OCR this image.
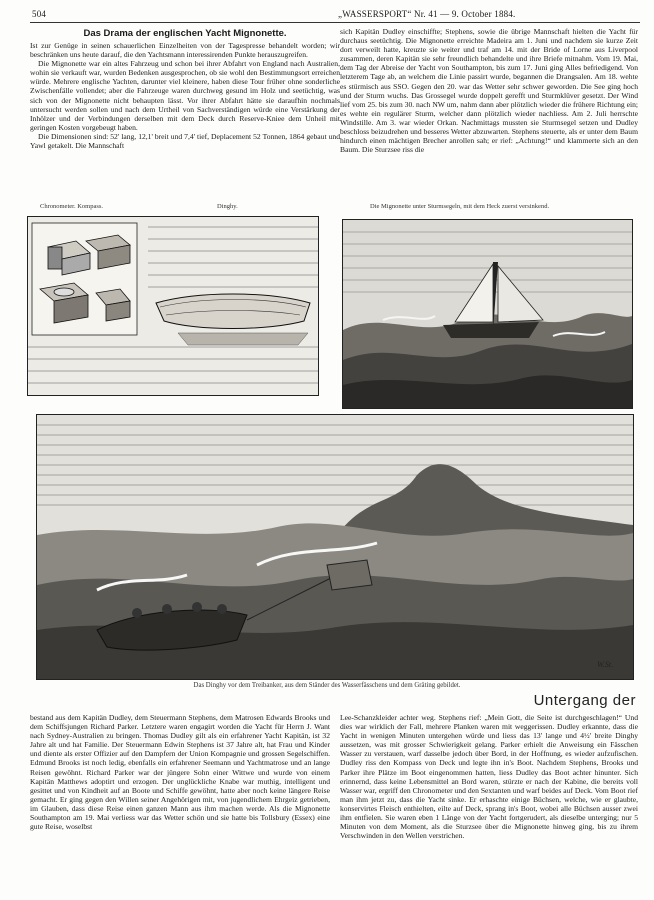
504	„WASSERSPORT“ Nr. 41 — 9. October 1884.
Das Drama der englischen Yacht Mignonette.

Ist zur Genüge in seinen schauerlichen Einzelheiten von der Tagespresse behandelt worden; wir beschränken uns heute darauf, die den Yachtsmann interessirenden Punkte herauszugreifen.

Die Mignonette war ein altes Fahrzeug und schon bei ihrer Abfahrt von England nach Australien, wohin sie verkauft war, wurden Bedenken ausgesprochen, ob sie wohl den Bestimmungsort erreichen würde. Mehrere englische Yachten, darunter viel kleinere, haben diese Tour früher ohne sonderliche Zwischenfälle vollendet; aber die Fahrzeuge waren durchweg gesund im Holz und seetüchtig, was sich von der Mignonette nicht behaupten lässt. Vor ihrer Abfahrt hätte sie daraufhin nochmals untersucht werden sollen und nach dem Urtheil von Sachverständigen würde eine Verstärkung der Inhölzer und der Verbindungen derselben mit dem Deck durch Reserve-Kniee dem Unheil mit geringen Kosten vorgebeugt haben.

Die Dimensionen sind: 52' lang, 12,1' breit und 7,4' tief, Deplacement 52 Tonnen, 1864 gebaut und Yawl getakelt. Die Mannschaft

sich Kapitän Dudley einschiffte; Stephens, sowie die übrige Mannschaft hielten die Yacht für durchaus seetüchtig. Die Mignonette erreichte Madeira am 1. Juni und nachdem sie kurze Zeit dort verweilt hatte, kreuzte sie weiter und traf am 14. mit der Bride of Lorne aus Liverpool zusammen, deren Kapitän sie sehr freundlich behandelte und ihre Briefe mitnahm. Vom 19. Mai, dem Tag der Abreise der Yacht von Southampton, bis zum 17. Juni ging Alles befriedigend. Von letzterem Tage ab, an welchem die Linie passirt wurde, begannen die Drangsalen. Am 18. wehte es stürmisch aus SSO. Gegen den 20. war das Wetter sehr schwer geworden. Die See ging hoch und der Sturm wuchs. Das Grossegel wurde doppelt gerefft und Sturmklüver gesetzt. Der Wind lief vom 25. bis zum 30. nach NW um, nahm dann aber plötzlich wieder die frühere Richtung ein; es wehte ein regulärer Sturm, welcher dann plötzlich wieder nachliess. Am 2. Juli herrschte Windstille. Am 3. war wieder Orkan. Nachmittags mussten sie Sturmsegel setzen und Dudley beschloss beizudrehen und besseres Wetter abzuwarten. Stephens steuerte, als er unter dem Baum hindurch einen mächtigen Brecher anrollen sah; er rief: „Achtung!“ und klammerte sich an den Baum. Die Sturzsee riss die

Chronometer. Kompass.	Dinghy.	Die Mignonette unter Sturmsegeln, mit dem Heck zuerst versinkend.
W.St.
Das Dinghy vor dem Treibanker, aus dem Ständer des Wasserfässchens und dem Gräting gebildet.
Untergang der

bestand aus dem Kapitän Dudley, dem Steuermann Stephens, dem Matrosen Edwards Brooks und dem Schiffsjungen Richard Parker. Letztere waren engagirt worden die Yacht für Herrn J. Want nach Sydney-Australien zu bringen. Thomas Dudley gilt als ein erfahrener Yacht Kapitän, ist 32 Jahre alt und hat Familie. Der Steuermann Edwin Stephens ist 37 Jahre alt, hat Frau und Kinder und diente als erster Offizier auf den Dampfern der Union Kompagnie und grossen Segelschiffen. Edmund Brooks ist noch ledig, ebenfalls ein erfahrener Seemann und Yachtmatrose und an lange Reisen gewöhnt. Richard Parker war der jüngere Sohn einer Wittwe und wurde von einem Kapitän Matthews adoptirt und erzogen. Der unglückliche Knabe war muthig, intelligent und gesittet und von Kindheit auf an Boote und Schiffe gewöhnt, hatte aber noch keine längere Reise gemacht. Er ging gegen den Willen seiner Angehörigen mit, von jugendlichem Ehrgeiz getrieben, im Glauben, dass diese Reise einen ganzen Mann aus ihm machen werde. Als die Mignonette Southampton am 19. Mai verliess war das Wetter schön und sie hatte bis Tollsbury (Essex) eine gute Reise, woselbst

Lee-Schanzkleider achter weg. Stephens rief: „Mein Gott, die Seite ist durchgeschlagen!“ Und dies war wirklich der Fall, mehrere Planken waren mit weggerissen. Dudley erkannte, dass die Yacht in wenigen Minuten untergehen würde und liess das 13' lange und 4½' breite Dinghy aussetzen, was mit grosser Schwierigkeit gelang. Parker erhielt die Anweisung ein Fässchen Wasser zu verstauen, warf dasselbe jedoch über Bord, in der Hoffnung, es wieder aufzufischen. Dudley riss den Kompass von Deck und legte ihn in's Boot. Nachdem Stephens, Brooks und Parker ihre Plätze im Boot eingenommen hatten, liess Dudley das Boot achter hinunter. Sich erinnernd, dass keine Lebensmittel an Bord waren, stürzte er nach der Kabine, die bereits voll Wasser war, ergriff den Chronometer und den Sextanten und warf beides auf Deck. Vom Boot rief man ihm jetzt zu, dass die Yacht sinke. Er erhaschte einige Büchsen, welche, wie er glaubte, konservirtes Fleisch enthielten, eilte auf Deck, sprang in's Boot, wobei alle Büchsen ausser zwei ihm entfielen. Sie waren eben 1 Länge von der Yacht fortgerudert, als dieselbe unterging; nur 5 Minuten von dem Moment, als die Sturzsee über die Mignonette hinweg ging, bis zu ihrem Verschwinden in den Wellen verstrichen.
